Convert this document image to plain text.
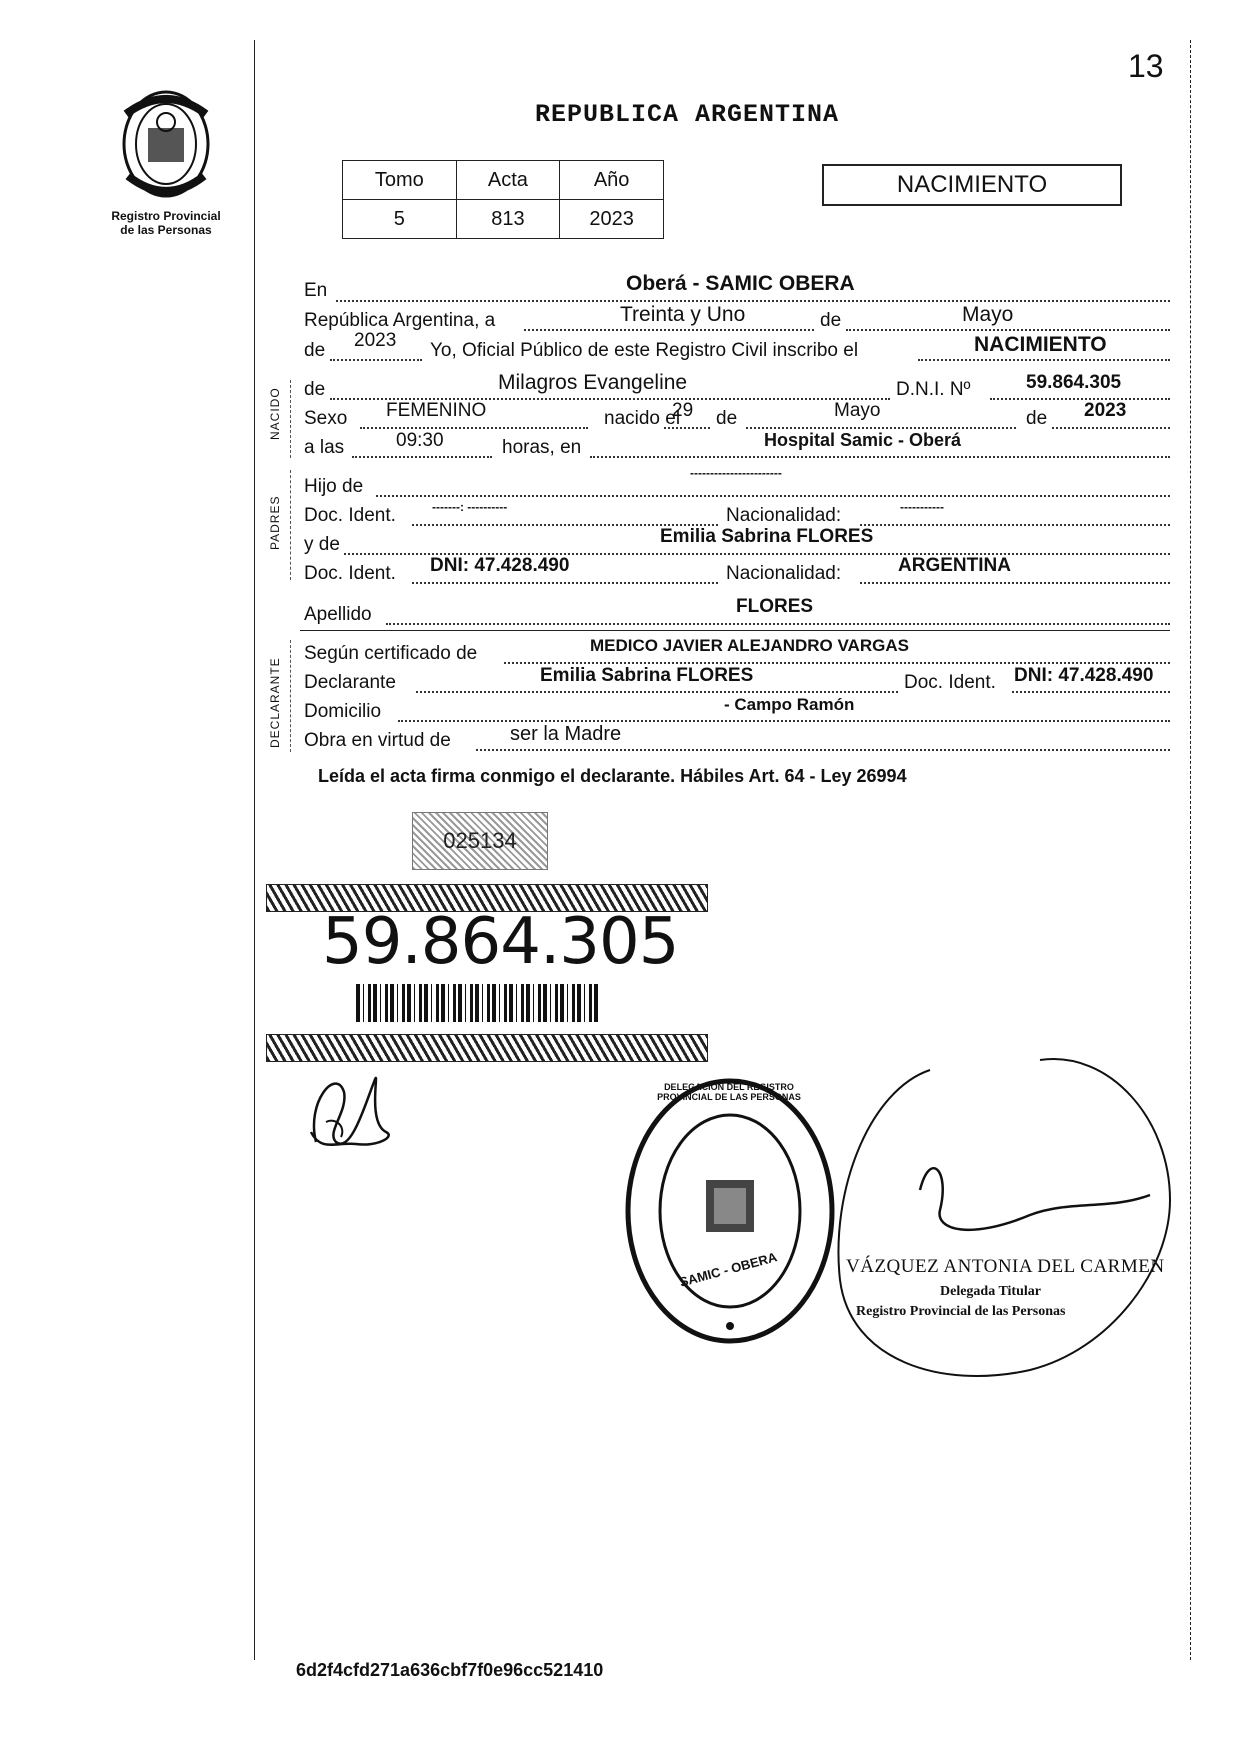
13
Registro Provincial
de las Personas
REPUBLICA ARGENTINA
Tomo	Acta	Año
5	813	2023
NACIMIENTO
En	Oberá - SAMIC OBERA
República Argentina, a	Treinta y Uno	de	Mayo
de 2023 Yo, Oficial Público de este Registro Civil inscribo el	NACIMIENTO
NACIDO de	Milagros Evangeline	D.N.I. Nº	59.864.305
Sexo FEMENINO	nacido el
29 de	Mayo	de 2023
a las	09:30	horas, en	Hospital Samic - Oberá
PADRES
Hijo de
-----------------------
Doc. Ident.	-------: ----------	Nacionalidad:	-----------
y de	Emilia Sabrina FLORES
Doc. Ident. DNI: 47.428.490	Nacionalidad:	ARGENTINA
Apellido	FLORES
DECLARANTE
Según certificado de	MEDICO JAVIER ALEJANDRO VARGAS
Declarante	Emilia Sabrina FLORES	Doc. Ident. DNI: 47.428.490
Domicilio	- Campo Ramón
Obra en virtud de	ser la Madre
Leída el acta firma conmigo el declarante. Hábiles Art. 64 - Ley 26994
025134
59.864.305
SAMIC - OBERA
DELEGACIÓN DEL REGISTRO PROVINCIAL DE LAS PERSONAS
VÁZQUEZ ANTONIA DEL CARMEN
Delegada Titular
Registro Provincial de las Personas
6d2f4cfd271a636cbf7f0e96cc521410
